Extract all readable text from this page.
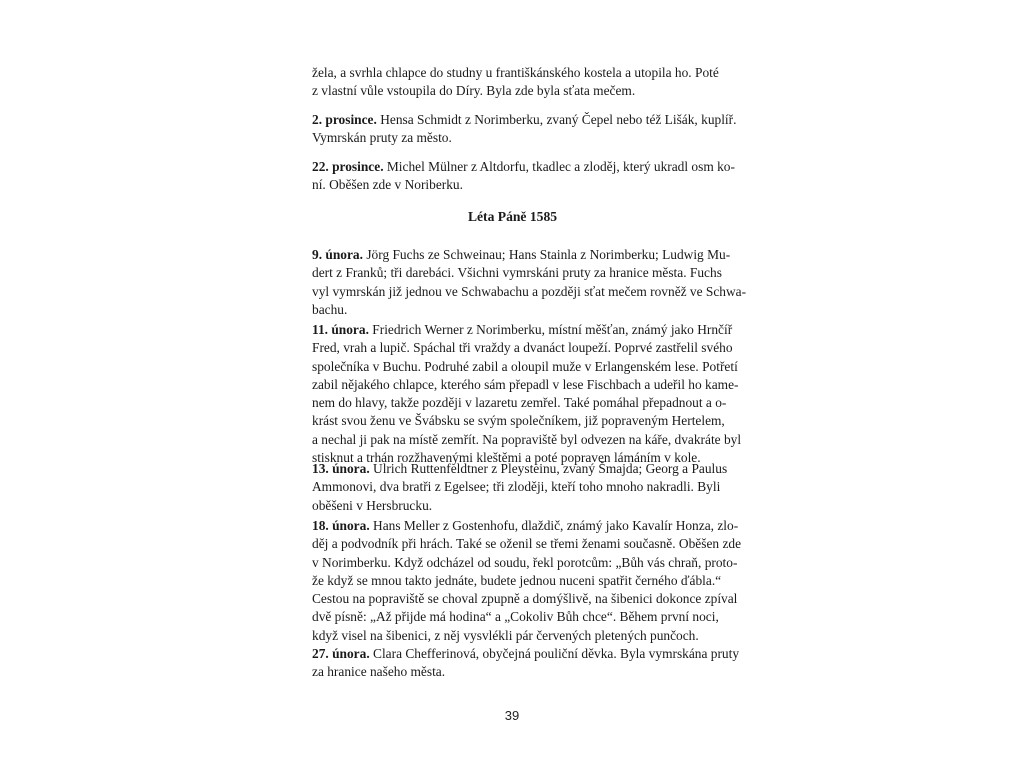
žela, a svrhla chlapce do studny u františkánského kostela a utopila ho. Poté
z vlastní vůle vstoupila do Díry. Byla zde byla sťata mečem.

2. prosince. Hensa Schmidt z Norimberku, zvaný Čepel nebo též Lišák, kuplíř.
Vymrskán pruty za město.

22. prosince. Michel Mülner z Altdorfu, tkadlec a zloděj, který ukradl osm ko-
ní. Oběšen zde v Noriberku.

Léta Páně 1585

9. února. Jörg Fuchs ze Schweinau; Hans Stainla z Norimberku; Ludwig Mu-
dert z Franků; tři darebáci. Všichni vymrskáni pruty za hranice města. Fuchs
vyl vymrskán již jednou ve Schwabachu a později sťat mečem rovněž ve Schwa-
bachu.

11. února. Friedrich Werner z Norimberku, místní měšťan, známý jako Hrnčíř
Fred, vrah a lupič. Spáchal tři vraždy a dvanáct loupeží. Poprvé zastřelil svého
společníka v Buchu. Podruhé zabil a oloupil muže v Erlangenském lese. Potřetí
zabil nějakého chlapce, kterého sám přepadl v lese Fischbach a udeřil ho kame-
nem do hlavy, takže později v lazaretu zemřel. Také pomáhal přepadnout a o-
krást svou ženu ve Švábsku se svým společníkem, již popraveným Hertelem,
a nechal ji pak na místě zemřít. Na popraviště byl odvezen na káře, dvakráte byl
stisknut a trhán rozžhavenými kleštěmi a poté popraven lámáním v kole.

13. února. Ulrich Ruttenfeldtner z Pleysteinu, zvaný Šmajda; Georg a Paulus
Ammonovi, dva bratři z Egelsee; tři zloději, kteří toho mnoho nakradli. Byli
oběšeni v Hersbrucku.

18. února. Hans Meller z Gostenhofu, dlaždič, známý jako Kavalír Honza, zlo-
děj a podvodník při hrách. Také se oženil se třemi ženami současně. Oběšen zde
v Norimberku. Když odcházel od soudu, řekl porotcům: „Bůh vás chraň, proto-
že když se mnou takto jednáte, budete jednou nuceni spatřit černého ďábla.“
Cestou na popraviště se choval zpupně a domýšlivě, na šibenici dokonce zpíval
dvě písně: „Až přijde má hodina“ a „Cokoliv Bůh chce“. Během první noci,
když visel na šibenici, z něj vysvlékli pár červených pletených punčoch.

27. února. Clara Chefferinová, obyčejná pouliční děvka. Byla vymrskána pruty
za hranice našeho města.

39
